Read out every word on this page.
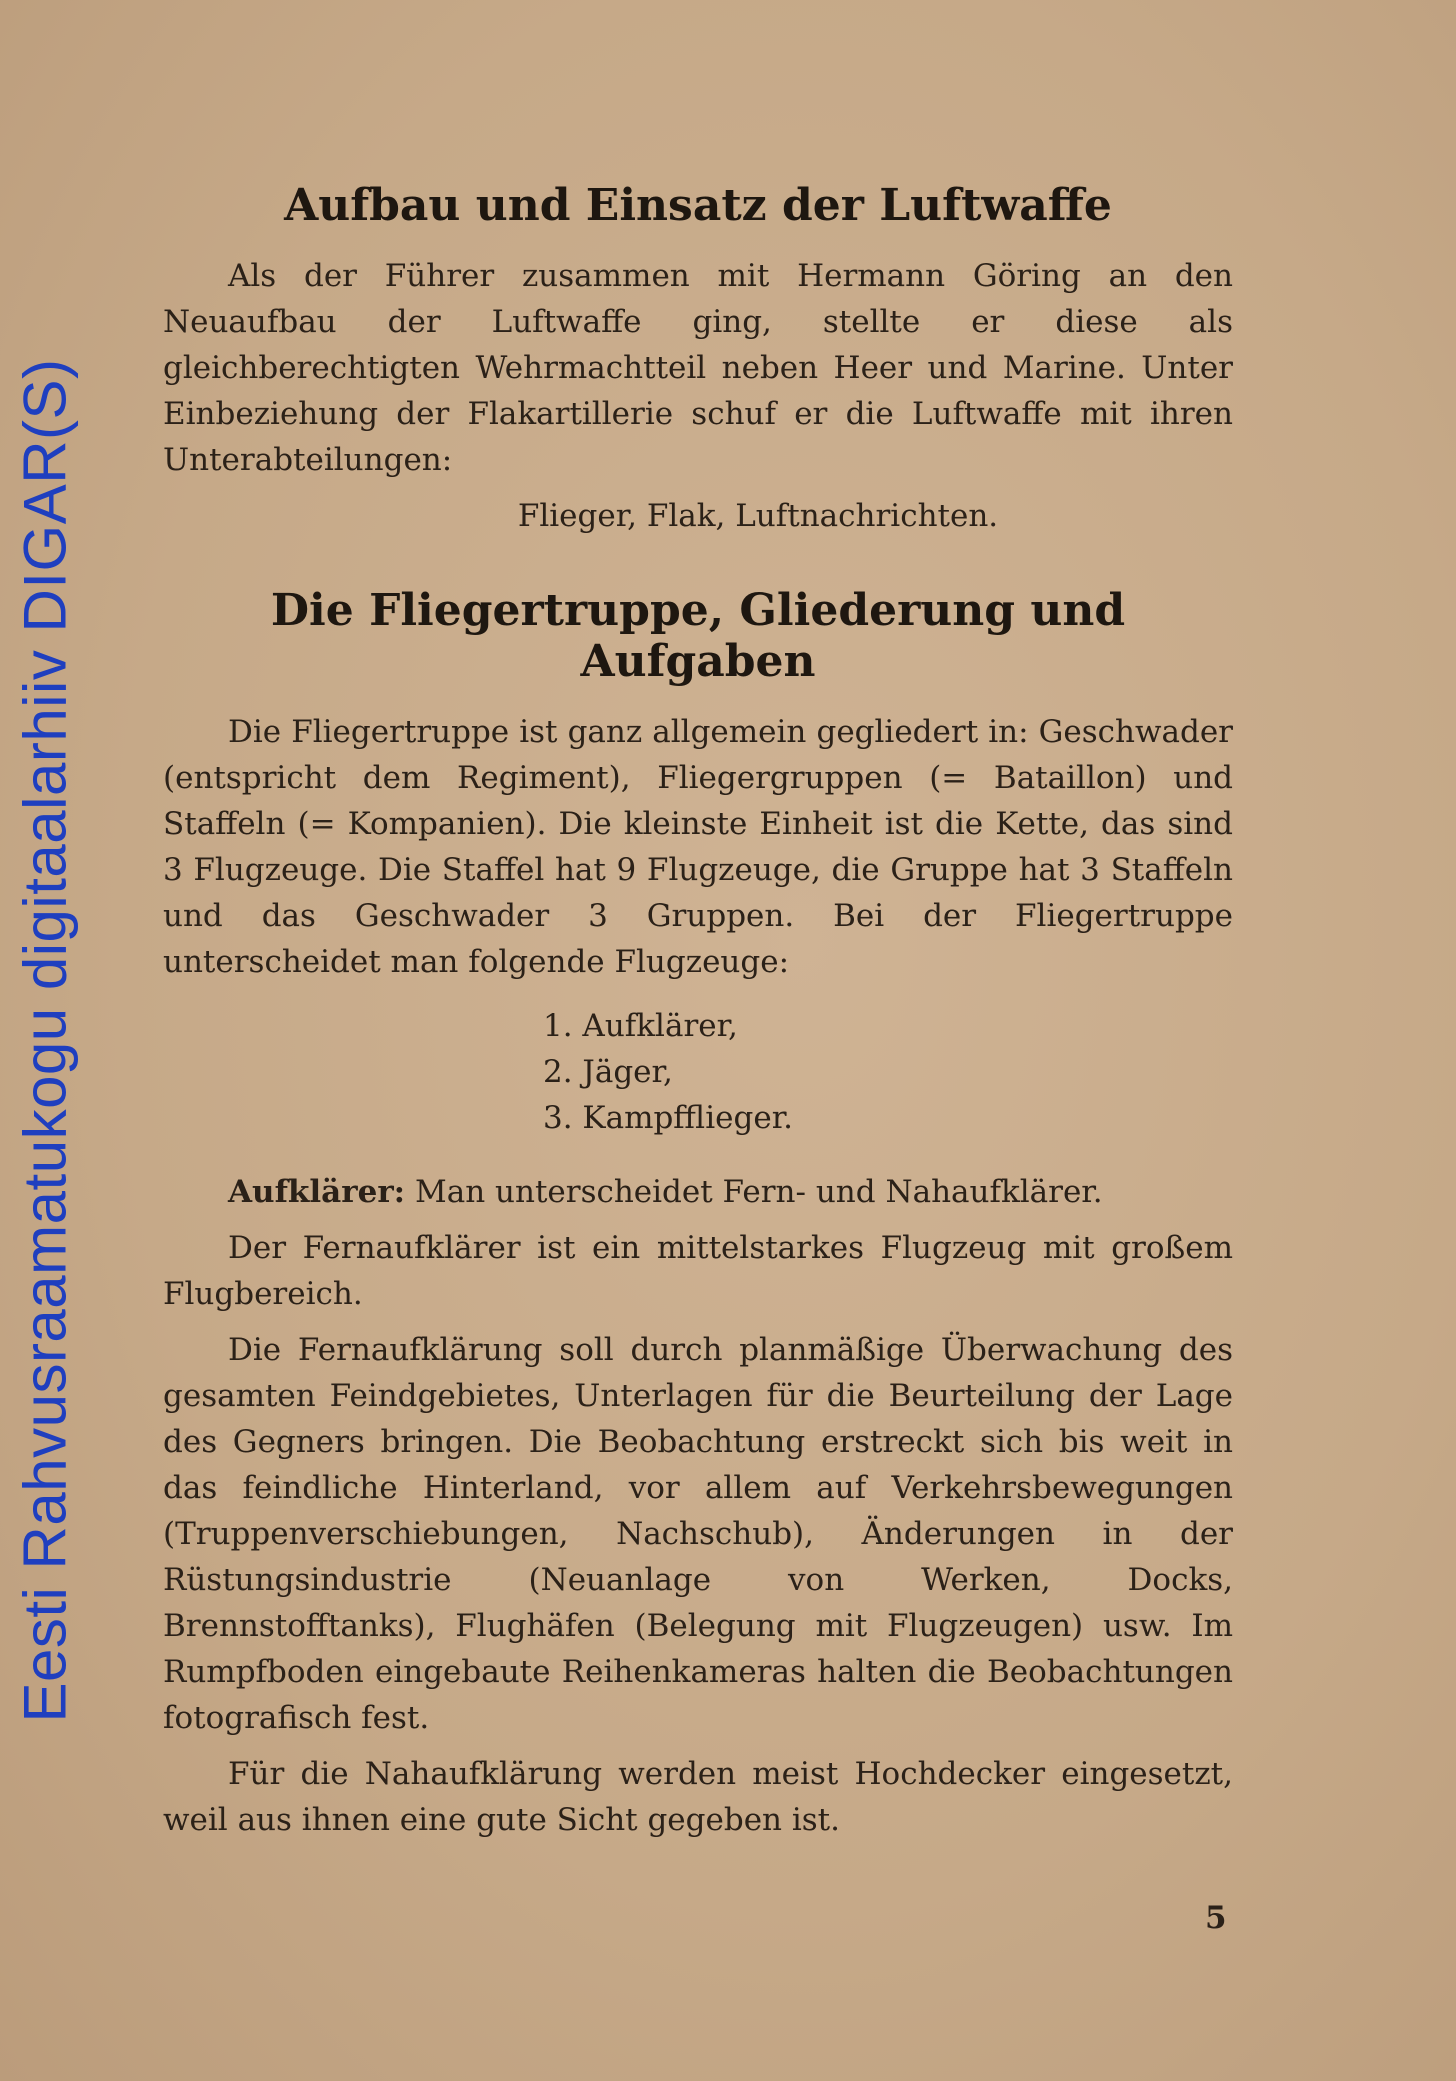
Eesti Rahvusraamatukogu digitaalarhiiv DIGAR(S)
Aufbau und Einsatz der Luftwaffe

Als der Führer zusammen mit Hermann Göring an den Neuaufbau der Luftwaffe ging, stellte er diese als gleichberechtigten Wehrmachtteil neben Heer und Marine. Unter Einbeziehung der Flakartillerie schuf er die Luftwaffe mit ihren Unterabteilungen:

Flieger, Flak, Luftnachrichten.
Die Fliegertruppe, Gliederung und Aufgaben

Die Fliegertruppe ist ganz allgemein gegliedert in: Geschwader (entspricht dem Regiment), Fliegergruppen (= Bataillon) und Staffeln (= Kompanien). Die kleinste Einheit ist die Kette, das sind 3 Flugzeuge. Die Staffel hat 9 Flugzeuge, die Gruppe hat 3 Staffeln und das Geschwader 3 Gruppen. Bei der Fliegertruppe unterscheidet man folgende Flugzeuge:

1. Aufklärer,
2. Jäger,
3. Kampfflieger.

Aufklärer: Man unterscheidet Fern- und Nahaufklärer.

Der Fernaufklärer ist ein mittelstarkes Flugzeug mit großem Flugbereich.

Die Fernaufklärung soll durch planmäßige Überwachung des gesamten Feindgebietes, Unterlagen für die Beurteilung der Lage des Gegners bringen. Die Beobachtung erstreckt sich bis weit in das feindliche Hinterland, vor allem auf Verkehrsbewegungen (Truppenverschiebungen, Nachschub), Änderungen in der Rüstungsindustrie (Neuanlage von Werken, Docks, Brennstofftanks), Flughäfen (Belegung mit Flugzeugen) usw. Im Rumpfboden eingebaute Reihenkameras halten die Beobachtungen fotografisch fest.

Für die Nahaufklärung werden meist Hochdecker eingesetzt, weil aus ihnen eine gute Sicht gegeben ist.

5
